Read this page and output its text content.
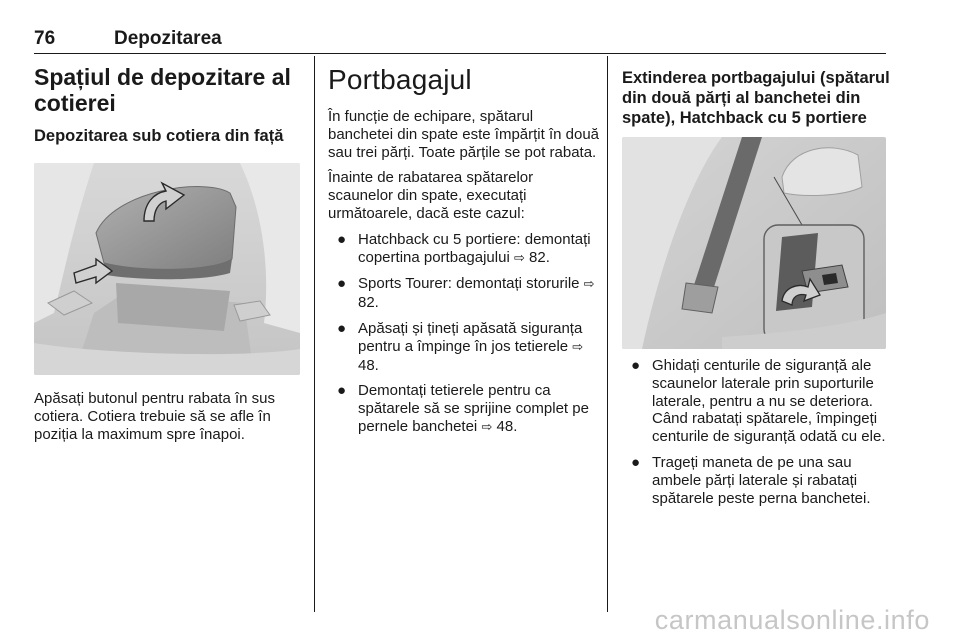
76	Depozitarea
Spațiul de depozitare al cotierei
Depozitarea sub cotiera din față

Apăsați butonul pentru rabata în sus cotiera. Cotiera trebuie să se afle în poziția la maximum spre înapoi.

Portbagajul

În funcție de echipare, spătarul banchetei din spate este împărțit în două sau trei părți. Toate părțile se pot rabata.

Înainte de rabatarea spătarelor scaunelor din spate, executați următoarele, dacă este cazul:

● Hatchback cu 5 portiere: demontați copertina portbagajului ⇨ 82.
● Sports Tourer: demontați storurile ⇨ 82.
● Apăsați și țineți apăsată siguranța pentru a împinge în jos tetierele ⇨ 48.
● Demontați tetierele pentru ca spătarele să se sprijine complet pe pernele banchetei ⇨ 48.
Extinderea portbagajului (spătarul din două părți al banchetei din spate), Hatchback cu 5 portiere
● Ghidați centurile de siguranță ale scaunelor laterale prin suporturile laterale, pentru a nu se deteriora. Când rabatați spătarele, împingeți centurile de siguranță odată cu ele.
● Trageți maneta de pe una sau ambele părți laterale și rabatați spătarele peste perna banchetei.
carmanualsonline.info
